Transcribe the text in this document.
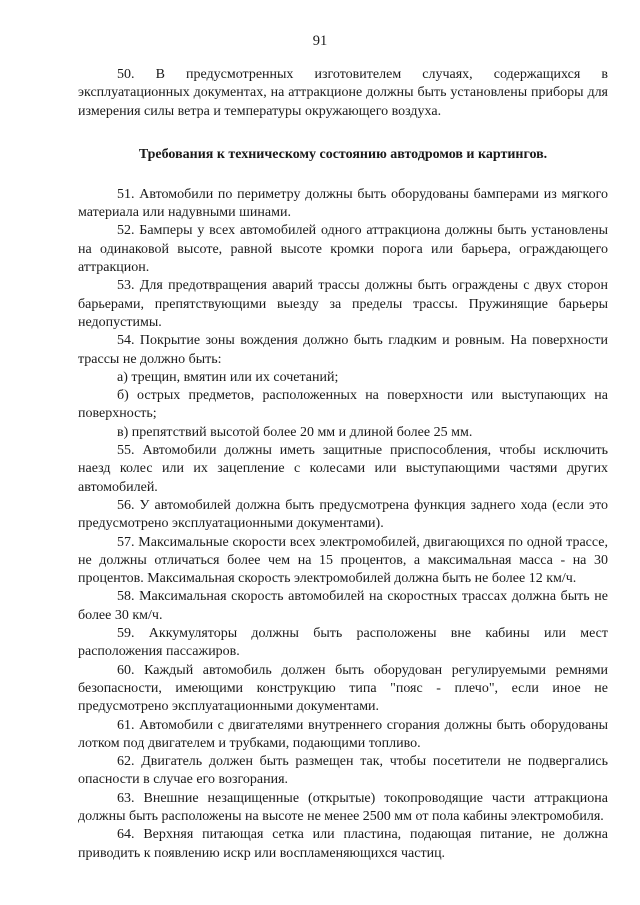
91

50. В предусмотренных изготовителем случаях, содержащихся в эксплуатационных документах, на аттракционе должны быть установлены приборы для измерения силы ветра и температуры окружающего воздуха.

Требования к техническому состоянию автодромов и картингов.

51. Автомобили по периметру должны быть оборудованы бамперами из мягкого материала или надувными шинами.

52. Бамперы у всех автомобилей одного аттракциона должны быть установлены на одинаковой высоте, равной высоте кромки порога или барьера, ограждающего аттракцион.

53. Для предотвращения аварий трассы должны быть ограждены с двух сторон барьерами, препятствующими выезду за пределы трассы. Пружинящие барьеры недопустимы.

54. Покрытие зоны вождения должно быть гладким и ровным. На поверхности трассы не должно быть:

а) трещин, вмятин или их сочетаний;

б) острых предметов, расположенных на поверхности или выступающих на поверхность;

в) препятствий высотой более 20 мм и длиной более 25 мм.

55. Автомобили должны иметь защитные приспособления, чтобы исключить наезд колес или их зацепление с колесами или выступающими частями других автомобилей.

56. У автомобилей должна быть предусмотрена функция заднего хода (если это предусмотрено эксплуатационными документами).

57. Максимальные скорости всех электромобилей, двигающихся по одной трассе, не должны отличаться более чем на 15 процентов, а максимальная масса - на 30 процентов. Максимальная скорость электромобилей должна быть не более 12 км/ч.

58. Максимальная скорость автомобилей на скоростных трассах должна быть не более 30 км/ч.

59. Аккумуляторы должны быть расположены вне кабины или мест расположения пассажиров.

60. Каждый автомобиль должен быть оборудован регулируемыми ремнями безопасности, имеющими конструкцию типа "пояс - плечо", если иное не предусмотрено эксплуатационными документами.

61. Автомобили с двигателями внутреннего сгорания должны быть оборудованы лотком под двигателем и трубками, подающими топливо.

62. Двигатель должен быть размещен так, чтобы посетители не подвергались опасности в случае его возгорания.

63. Внешние незащищенные (открытые) токопроводящие части аттракциона должны быть расположены на высоте не менее 2500 мм от пола кабины электромобиля.

64. Верхняя питающая сетка или пластина, подающая питание, не должна приводить к появлению искр или воспламеняющихся частиц.
